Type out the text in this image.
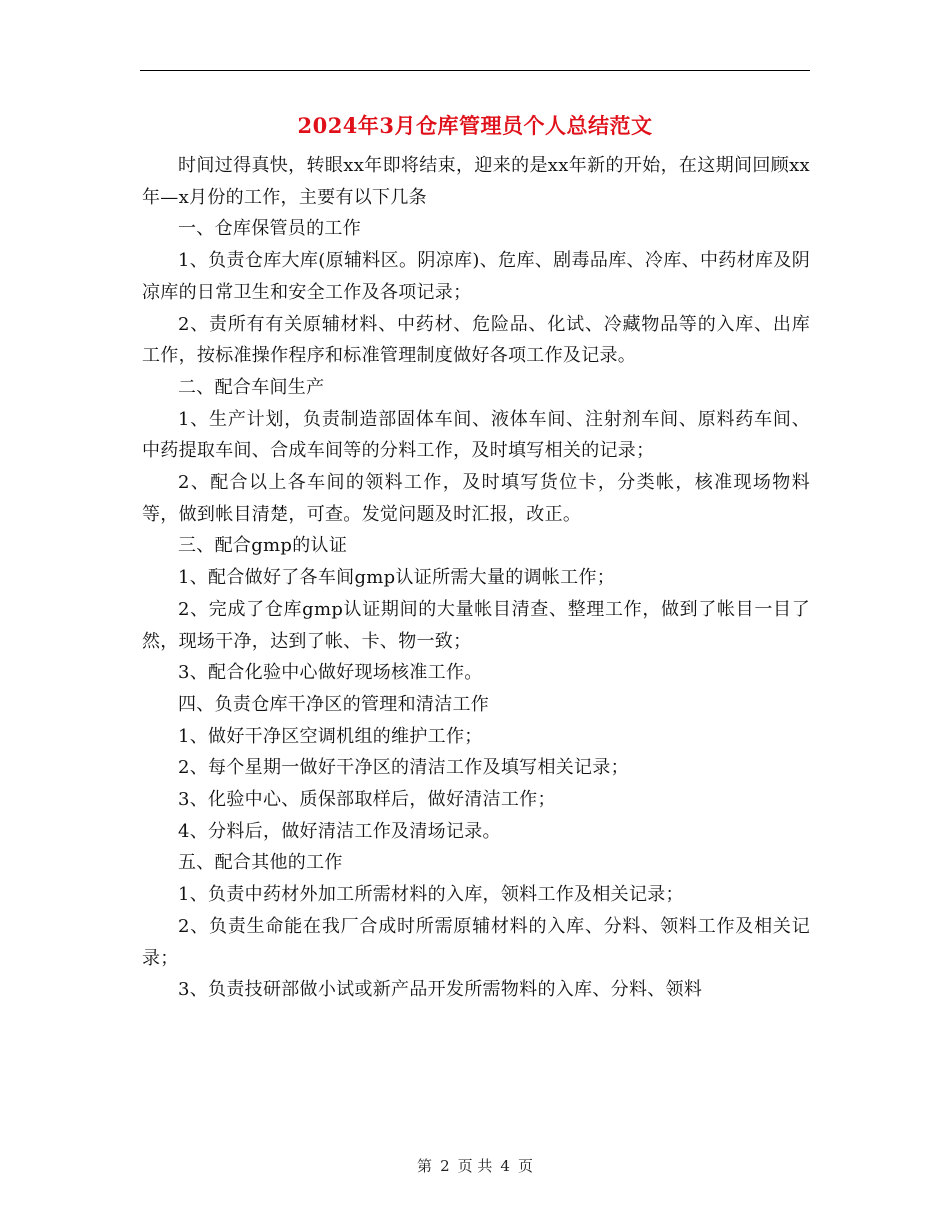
2024年3月仓库管理员个人总结范文

时间过得真快，转眼xx年即将结束，迎来的是xx年新的开始，在这期间回顾xx年—x月份的工作，主要有以下几条

一、仓库保管员的工作

1、负责仓库大库(原辅料区。阴凉库)、危库、剧毒品库、冷库、中药材库及阴凉库的日常卫生和安全工作及各项记录；

2、责所有有关原辅材料、中药材、危险品、化试、冷藏物品等的入库、出库工作，按标准操作程序和标准管理制度做好各项工作及记录。

二、配合车间生产

1、生产计划，负责制造部固体车间、液体车间、注射剂车间、原料药车间、中药提取车间、合成车间等的分料工作，及时填写相关的记录；

2、配合以上各车间的领料工作，及时填写货位卡，分类帐，核准现场物料等，做到帐目清楚，可查。发觉问题及时汇报，改正。

三、配合gmp的认证

1、配合做好了各车间gmp认证所需大量的调帐工作；

2、完成了仓库gmp认证期间的大量帐目清查、整理工作，做到了帐目一目了然，现场干净，达到了帐、卡、物一致；

3、配合化验中心做好现场核准工作。

四、负责仓库干净区的管理和清洁工作

1、做好干净区空调机组的维护工作；

2、每个星期一做好干净区的清洁工作及填写相关记录；

3、化验中心、质保部取样后，做好清洁工作；

4、分料后，做好清洁工作及清场记录。

五、配合其他的工作

1、负责中药材外加工所需材料的入库，领料工作及相关记录；

2、负责生命能在我厂合成时所需原辅材料的入库、分料、领料工作及相关记录；

3、负责技研部做小试或新产品开发所需物料的入库、分料、领料

第 2 页 共 4 页
